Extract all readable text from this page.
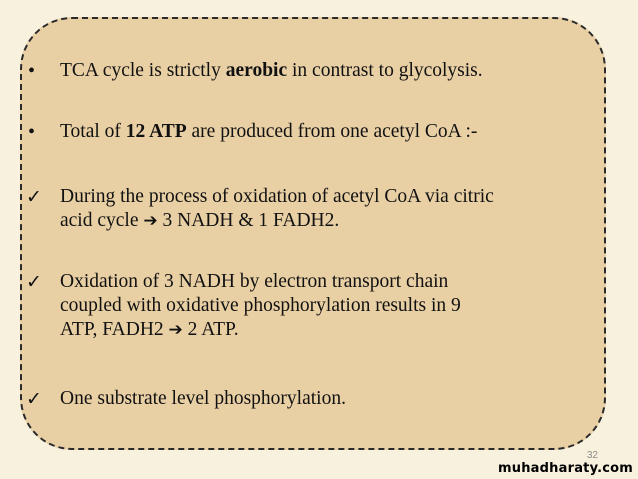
•	TCA cycle is strictly aerobic in contrast to glycolysis.
•	Total of 12 ATP are produced from one acetyl CoA :-
✓ During the process of oxidation of acetyl CoA via citric
acid cycle ➔ 3 NADH & 1 FADH2.
✓ Oxidation of 3 NADH by electron transport chain
coupled with oxidative phosphorylation results in 9
ATP, FADH2 ➔ 2 ATP.
✓ One substrate level phosphorylation.
32
muhadharaty.com
